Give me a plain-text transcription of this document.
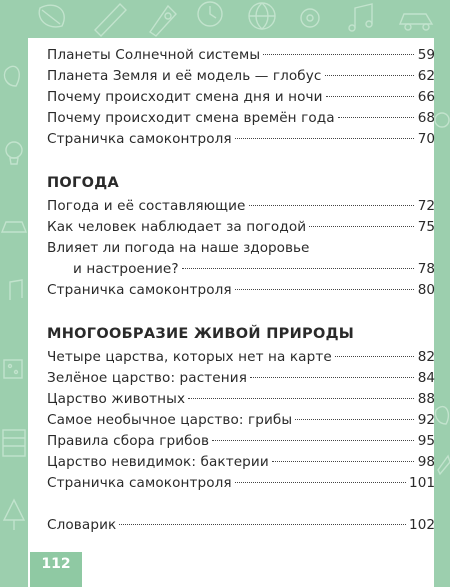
Планеты Солнечной системы	59
Планета Земля и её модель — глобус	62
Почему происходит смена дня и ночи	66
Почему происходит смена времён года	68
Страничка самоконтроля	70
ПОГОДА
Погода и её составляющие	72
Как человек наблюдает за погодой	75
Влияет ли погода на наше здоровье
и настроение?	78
Страничка самоконтроля	80
МНОГООБРАЗИЕ ЖИВОЙ ПРИРОДЫ
Четыре царства, которых нет на карте	82
Зелёное царство: растения	84
Царство животных	88
Самое необычное царство: грибы	92
Правила сбора грибов	95
Царство невидимок: бактерии	98
Страничка самоконтроля	101
Словарик	102
112
